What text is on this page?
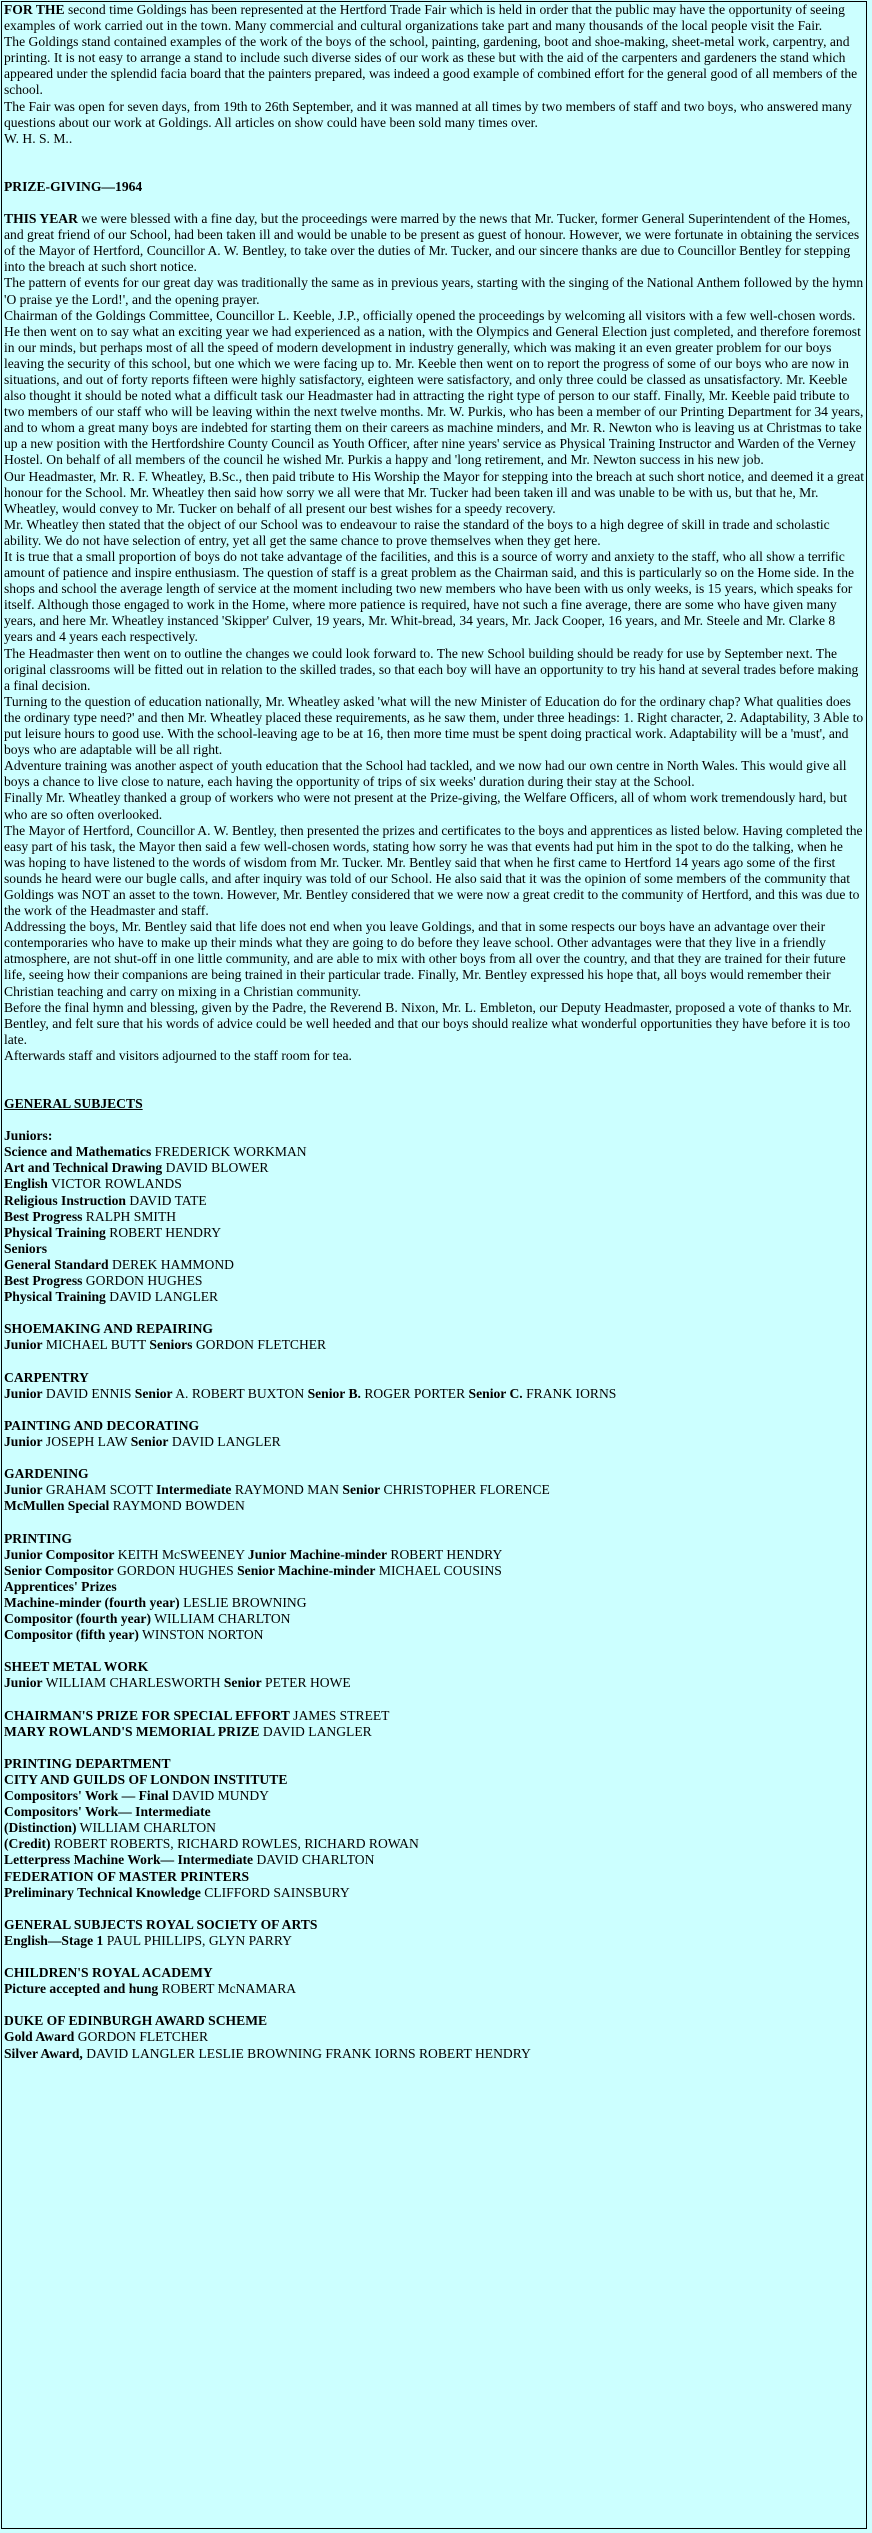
FOR THE second time Goldings has been represented at the Hertford Trade Fair which is held in order that the public may have the opportunity of seeing examples of work carried out in the town. Many commercial and cultural organizations take part and many thousands of the local people visit the Fair.

The Goldings stand contained examples of the work of the boys of the school, painting, gardening, boot and shoe-making, sheet-metal work, carpentry, and printing. It is not easy to arrange a stand to include such diverse sides of our work as these but with the aid of the carpenters and gardeners the stand which appeared under the splendid facia board that the painters prepared, was indeed a good example of combined effort for the general good of all members of the school.

The Fair was open for seven days, from 19th to 26th September, and it was manned at all times by two members of staff and two boys, who answered many questions about our work at Goldings. All articles on show could have been sold many times over.

W. H. S. M..

PRIZE-GIVING—1964

THIS YEAR we were blessed with a fine day, but the proceedings were marred by the news that Mr. Tucker, former General Superintendent of the Homes, and great friend of our School, had been taken ill and would be unable to be present as guest of honour. However, we were fortunate in obtaining the services of the Mayor of Hertford, Councillor A. W. Bentley, to take over the duties of Mr. Tucker, and our sincere thanks are due to Councillor Bentley for stepping into the breach at such short notice.

The pattern of events for our great day was traditionally the same as in previous years, starting with the singing of the National Anthem followed by the hymn 'O praise ye the Lord!', and the opening prayer.

Chairman of the Goldings Committee, Councillor L. Keeble, J.P., officially opened the proceedings by welcoming all visitors with a few well-chosen words. He then went on to say what an exciting year we had experienced as a nation, with the Olympics and General Election just completed, and therefore foremost in our minds, but perhaps most of all the speed of modern development in industry generally, which was making it an even greater problem for our boys leaving the security of this school, but one which we were facing up to. Mr. Keeble then went on to report the progress of some of our boys who are now in situations, and out of forty reports fifteen were highly satisfactory, eighteen were satisfactory, and only three could be classed as unsatisfactory. Mr. Keeble also thought it should be noted what a difficult task our Headmaster had in attracting the right type of person to our staff. Finally, Mr. Keeble paid tribute to two members of our staff who will be leaving within the next twelve months. Mr. W. Purkis, who has been a member of our Printing Department for 34 years, and to whom a great many boys are indebted for starting them on their careers as machine minders, and Mr. R. Newton who is leaving us at Christmas to take up a new position with the Hertfordshire County Council as Youth Officer, after nine years' service as Physical Training Instructor and Warden of the Verney Hostel. On behalf of all members of the council he wished Mr. Purkis a happy and 'long retirement, and Mr. Newton success in his new job.

Our Headmaster, Mr. R. F. Wheatley, B.Sc., then paid tribute to His Worship the Mayor for stepping into the breach at such short notice, and deemed it a great honour for the School. Mr. Wheatley then said how sorry we all were that Mr. Tucker had been taken ill and was unable to be with us, but that he, Mr. Wheatley, would convey to Mr. Tucker on behalf of all present our best wishes for a speedy recovery.

Mr. Wheatley then stated that the object of our School was to endeavour to raise the standard of the boys to a high degree of skill in trade and scholastic ability. We do not have selection of entry, yet all get the same chance to prove themselves when they get here.

It is true that a small proportion of boys do not take advantage of the facilities, and this is a source of worry and anxiety to the staff, who all show a terrific amount of patience and inspire enthusiasm. The question of staff is a great problem as the Chairman said, and this is particularly so on the Home side. In the shops and school the average length of service at the moment including two new members who have been with us only weeks, is 15 years, which speaks for itself. Although those engaged to work in the Home, where more patience is required, have not such a fine average, there are some who have given many years, and here Mr. Wheatley instanced 'Skipper' Culver, 19 years, Mr. Whit-bread, 34 years, Mr. Jack Cooper, 16 years, and Mr. Steele and Mr. Clarke 8 years and 4 years each respectively.

The Headmaster then went on to outline the changes we could look forward to. The new School building should be ready for use by September next. The original classrooms will be fitted out in relation to the skilled trades, so that each boy will have an opportunity to try his hand at several trades before making a final decision.

Turning to the question of education nationally, Mr. Wheatley asked 'what will the new Minister of Education do for the ordinary chap? What qualities does the ordinary type need?' and then Mr. Wheatley placed these requirements, as he saw them, under three headings: 1. Right character, 2. Adaptability, 3 Able to put leisure hours to good use. With the school-leaving age to be at 16, then more time must be spent doing practical work. Adaptability will be a 'must', and boys who are adaptable will be all right.

Adventure training was another aspect of youth education that the School had tackled, and we now had our own centre in North Wales. This would give all boys a chance to live close to nature, each having the opportunity of trips of six weeks' duration during their stay at the School.

Finally Mr. Wheatley thanked a group of workers who were not present at the Prize-giving, the Welfare Officers, all of whom work tremendously hard, but who are so often overlooked.

The Mayor of Hertford, Councillor A. W. Bentley, then presented the prizes and certificates to the boys and apprentices as listed below. Having completed the easy part of his task, the Mayor then said a few well-chosen words, stating how sorry he was that events had put him in the spot to do the talking, when he was hoping to have listened to the words of wisdom from Mr. Tucker. Mr. Bentley said that when he first came to Hertford 14 years ago some of the first sounds he heard were our bugle calls, and after inquiry was told of our School. He also said that it was the opinion of some members of the community that Goldings was NOT an asset to the town. However, Mr. Bentley considered that we were now a great credit to the community of Hertford, and this was due to the work of the Headmaster and staff.

Addressing the boys, Mr. Bentley said that life does not end when you leave Goldings, and that in some respects our boys have an advantage over their contemporaries who have to make up their minds what they are going to do before they leave school. Other advantages were that they live in a friendly atmosphere, are not shut-off in one little community, and are able to mix with other boys from all over the country, and that they are trained for their future life, seeing how their companions are being trained in their particular trade. Finally, Mr. Bentley expressed his hope that, all boys would remember their Christian teaching and carry on mixing in a Christian community.

Before the final hymn and blessing, given by the Padre, the Reverend B. Nixon, Mr. L. Embleton, our Deputy Headmaster, proposed a vote of thanks to Mr. Bentley, and felt sure that his words of advice could be well heeded and that our boys should realize what wonderful opportunities they have before it is too late.

Afterwards staff and visitors adjourned to the staff room for tea.

GENERAL SUBJECTS

Juniors:

Science and Mathematics FREDERICK WORKMAN

Art and Technical Drawing DAVID BLOWER

English VICTOR ROWLANDS

Religious Instruction DAVID TATE

Best Progress RALPH SMITH

Physical Training ROBERT HENDRY

Seniors

General Standard DEREK HAMMOND

Best Progress GORDON HUGHES

Physical Training DAVID LANGLER

SHOEMAKING AND REPAIRING

Junior MICHAEL BUTT Seniors GORDON FLETCHER

CARPENTRY

Junior DAVID ENNIS Senior A. ROBERT BUXTON Senior B. ROGER PORTER Senior C. FRANK IORNS

PAINTING AND DECORATING

Junior JOSEPH LAW Senior DAVID LANGLER

GARDENING

Junior GRAHAM SCOTT Intermediate RAYMOND MAN Senior CHRISTOPHER FLORENCE

McMullen Special RAYMOND BOWDEN

PRINTING

Junior Compositor KEITH McSWEENEY Junior Machine-minder ROBERT HENDRY

Senior Compositor GORDON HUGHES Senior Machine-minder MICHAEL COUSINS

Apprentices' Prizes

Machine-minder (fourth year) LESLIE BROWNING

Compositor (fourth year) WILLIAM CHARLTON

Compositor (fifth year) WINSTON NORTON

SHEET METAL WORK

Junior WILLIAM CHARLESWORTH Senior PETER HOWE

CHAIRMAN'S PRIZE FOR SPECIAL EFFORT JAMES STREET

MARY ROWLAND'S MEMORIAL PRIZE DAVID LANGLER

PRINTING DEPARTMENT

CITY AND GUILDS OF LONDON INSTITUTE

Compositors' Work — Final DAVID MUNDY

Compositors' Work— Intermediate

(Distinction) WILLIAM CHARLTON

(Credit) ROBERT ROBERTS, RICHARD ROWLES, RICHARD ROWAN

Letterpress Machine Work— Intermediate DAVID CHARLTON

FEDERATION OF MASTER PRINTERS

Preliminary Technical Knowledge CLIFFORD SAINSBURY

GENERAL SUBJECTS ROYAL SOCIETY OF ARTS

English—Stage 1 PAUL PHILLIPS, GLYN PARRY

CHILDREN'S ROYAL ACADEMY

Picture accepted and hung ROBERT McNAMARA

DUKE OF EDINBURGH AWARD SCHEME

Gold Award GORDON FLETCHER

Silver Award, DAVID LANGLER LESLIE BROWNING FRANK IORNS ROBERT HENDRY
